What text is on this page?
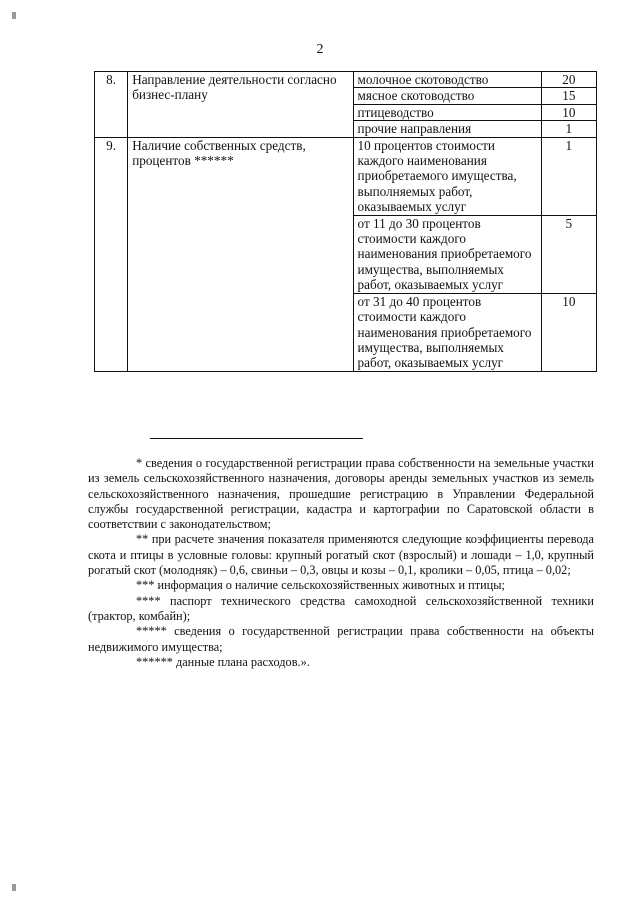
2
8.	Направление деятельности согласно бизнес-плану	молочное скотоводство	20
		мясное скотоводство	15
		птицеводство	10
		прочие направления	1
9.	Наличие собственных средств, процентов ******	10 процентов стоимости каждого наименования приобретаемого имущества, выполняемых работ, оказываемых услуг	1
		от 11 до 30 процентов стоимости каждого наименования приобретаемого имущества, выполняемых работ, оказываемых услуг	5
		от 31 до 40 процентов стоимости каждого наименования приобретаемого имущества, выполняемых работ, оказываемых услуг	10

* сведения о государственной регистрации права собственности на земельные участки из земель сельскохозяйственного назначения, договоры аренды земельных участков из земель сельскохозяйственного назначения, прошедшие регистрацию в Управлении Федеральной службы государственной регистрации, кадастра и картографии по Саратовской области в соответствии с законодательством;

** при расчете значения показателя применяются следующие коэффициенты перевода скота и птицы в условные головы: крупный рогатый скот (взрослый) и лошади – 1,0, крупный рогатый скот (молодняк) – 0,6, свиньи – 0,3, овцы и козы – 0,1, кролики – 0,05, птица – 0,02;

*** информация о наличие сельскохозяйственных животных и птицы;

**** паспорт технического средства самоходной сельскохозяйственной техники (трактор, комбайн);

***** сведения о государственной регистрации права собственности на объекты недвижимого имущества;

****** данные плана расходов.».
